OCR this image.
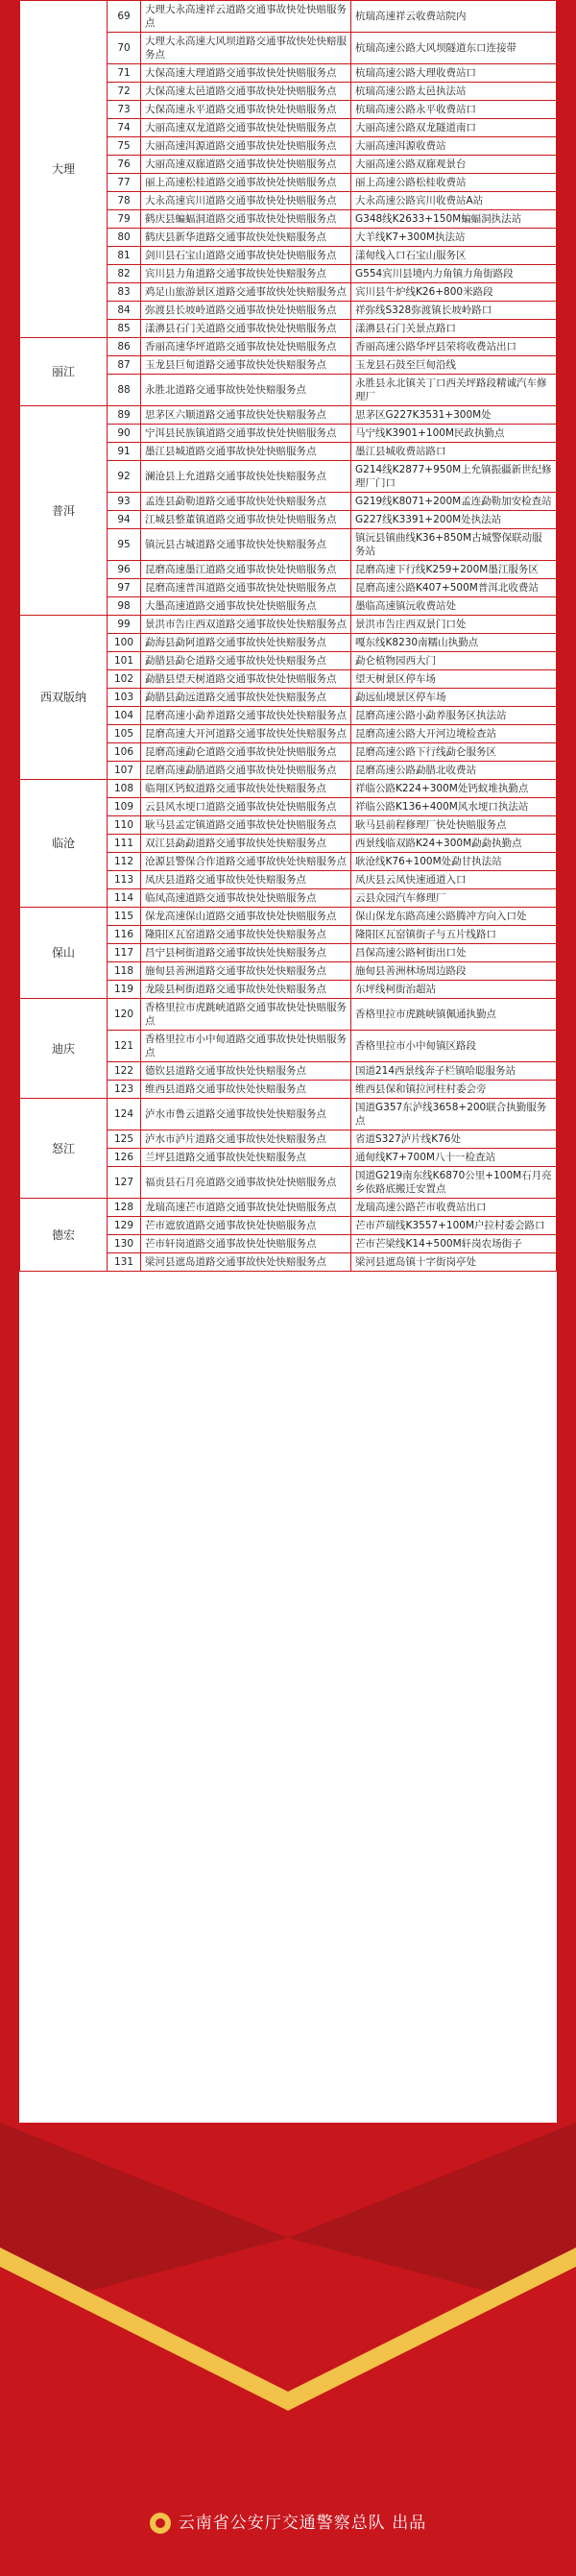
大理	69	大理大永高速祥云道路交通事故快处快赔服务点	杭瑞高速祥云收费站院内
	70	大理大永高速大风坝道路交通事故快处快赔服务点	杭瑞高速公路大风坝隧道东口连接带
	71	大保高速大理道路交通事故快处快赔服务点	杭瑞高速公路大理收费站口
	72	大保高速太邑道路交通事故快处快赔服务点	杭瑞高速公路太邑执法站
	73	大保高速永平道路交通事故快处快赔服务点	杭瑞高速公路永平收费站口
	74	大丽高速双龙道路交通事故快处快赔服务点	大丽高速公路双龙隧道南口
	75	大丽高速洱源道路交通事故快处快赔服务点	大丽高速洱源收费站
	76	大丽高速双廊道路交通事故快处快赔服务点	大丽高速公路双廊观景台
	77	丽上高速松桂道路交通事故快处快赔服务点	丽上高速公路松桂收费站
	78	大永高速宾川道路交通事故快处快赔服务点	大永高速公路宾川收费站A站
	79	鹤庆县蝙蝠洞道路交通事故快处快赔服务点	G348线K2633+150M蝙蝠洞执法站
	80	鹤庆县新华道路交通事故快处快赔服务点	大羊线K7+300M执法站
	81	剑川县石宝山道路交通事故快处快赔服务点	漾甸线入口石宝山服务区
	82	宾川县力角道路交通事故快处快赔服务点	G554宾川县境内力角镇力角街路段
	83	鸡足山旅游景区道路交通事故快处快赔服务点	宾川县牛炉线K26+800米路段
	84	弥渡县长坡岭道路交通事故快处快赔服务点	祥弥线S328弥渡镇长坡岭路口
	85	漾濞县石门关道路交通事故快处快赔服务点	漾濞县石门关景点路口
丽江	86	香丽高速华坪道路交通事故快处快赔服务点	香丽高速公路华坪县荣将收费站出口
	87	玉龙县巨甸道路交通事故快处快赔服务点	玉龙县石鼓至巨甸沿线
	88	永胜北道路交通事故快处快赔服务点	永胜县永北镇关丁口西关坪路段精诚汽车修理厂
普洱	89	思茅区六顺道路交通事故快处快赔服务点	思茅区G227K3531+300M处
	90	宁洱县民族镇道路交通事故快处快赔服务点	马宁线K3901+100M民政执勤点
	91	墨江县城道路交通事故快处快赔服务点	墨江县城收费站路口
	92	澜沧县上允道路交通事故快处快赔服务点	G214线K2877+950M上允镇振疆新世纪修理厂门口
	93	孟连县勐勒道路交通事故快处快赔服务点	G219线K8071+200M孟连勐勒加安检查站
	94	江城县整董镇道路交通事故快处快赔服务点	G227线K3391+200M处执法站
	95	镇沅县古城道路交通事故快处快赔服务点	镇沅县镇曲线K36+850M古城警保联动服务站
	96	昆磨高速墨江道路交通事故快处快赔服务点	昆磨高速下行线K259+200M墨江服务区
	97	昆磨高速普洱道路交通事故快处快赔服务点	昆磨高速公路K407+500M普洱北收费站
	98	大墨高速道路交通事故快处快赔服务点	墨临高速镇沅收费站处
西双版纳	99	景洪市告庄西双道路交通事故快处快赔服务点	景洪市告庄西双景门口处
	100	勐海县勐阿道路交通事故快处快赔服务点	嘎东线K8230南糯山执勤点
	101	勐腊县勐仑道路交通事故快处快赔服务点	勐仑植物园西大门
	102	勐腊县望天树道路交通事故快处快赔服务点	望天树景区停车场
	103	勐腊县勐远道路交通事故快处快赔服务点	勐远仙境景区停车场
	104	昆磨高速小勐养道路交通事故快处快赔服务点	昆磨高速公路小勐养服务区执法站
	105	昆磨高速大开河道路交通事故快处快赔服务点	昆磨高速公路大开河边境检查站
	106	昆磨高速勐仑道路交通事故快处快赔服务点	昆磨高速公路下行线勐仑服务区
	107	昆磨高速勐腊道路交通事故快处快赔服务点	昆磨高速公路勐腊北收费站
临沧	108	临翔区钙蚁道路交通事故快处快赔服务点	祥临公路K224+300M处钙蚁堆执勤点
	109	云县风水埂口道路交通事故快处快赔服务点	祥临公路K136+400M风水埂口执法站
	110	耿马县孟定镇道路交通事故快处快赔服务点	耿马县前程修理厂快处快赔服务点
	111	双江县勐勐道路交通事故快处快赔服务点	西景线临双路K24+300M勐勐执勤点
	112	沧源县警保合作道路交通事故快处快赔服务点	耿沧线K76+100M处勐甘执法站
	113	凤庆县道路交通事故快处快赔服务点	凤庆县云凤快速通道入口
	114	临凤高速道路交通事故快处快赔服务点	云县众园汽车修理厂
保山	115	保龙高速保山道路交通事故快处快赔服务点	保山保龙东路高速公路腾冲方向入口处
	116	隆阳区瓦窑道路交通事故快处快赔服务点	隆阳区瓦窑镇街子与五片线路口
	117	昌宁县柯街道路交通事故快处快赔服务点	昌保高速公路柯街出口处
	118	施甸县善洲道路交通事故快处快赔服务点	施甸县善洲林场周边路段
	119	龙陵县柯街道路交通事故快处快赔服务点	东坪线柯街治超站
迪庆	120	香格里拉市虎跳峡道路交通事故快处快赔服务点	香格里拉市虎跳峡镇佩通执勤点
	121	香格里拉市小中甸道路交通事故快处快赔服务点	香格里拉市小中甸镇区路段
	122	德钦县道路交通事故快处快赔服务点	国道214西景线奔子栏镇哈聪服务站
	123	维西县道路交通事故快处快赔服务点	维西县保和镇拉河柱村委会旁
怒江	124	泸水市鲁云道路交通事故快处快赔服务点	国道G357东泸线3658+200联合执勤服务点
	125	泸水市泸片道路交通事故快处快赔服务点	省道S327泸片线K76处
	126	兰坪县道路交通事故快处快赔服务点	通甸线K7+700M八十一检查站
	127	福贡县石月亮道路交通事故快处快赔服务点	国道G219南东线K6870公里+100M石月亮乡依路底搬迁安置点
德宏	128	龙瑞高速芒市道路交通事故快处快赔服务点	龙瑞高速公路芒市收费站出口
	129	芒市遮放道路交通事故快处快赔服务点	芒市芦瑞线K3557+100M户拉村委会路口
	130	芒市轩岗道路交通事故快处快赔服务点	芒市芒梁线K14+500M轩岗农场街子
	131	梁河县遮岛道路交通事故快处快赔服务点	梁河县遮岛镇十字街岗亭处
云南省公安厅交通警察总队 出品
